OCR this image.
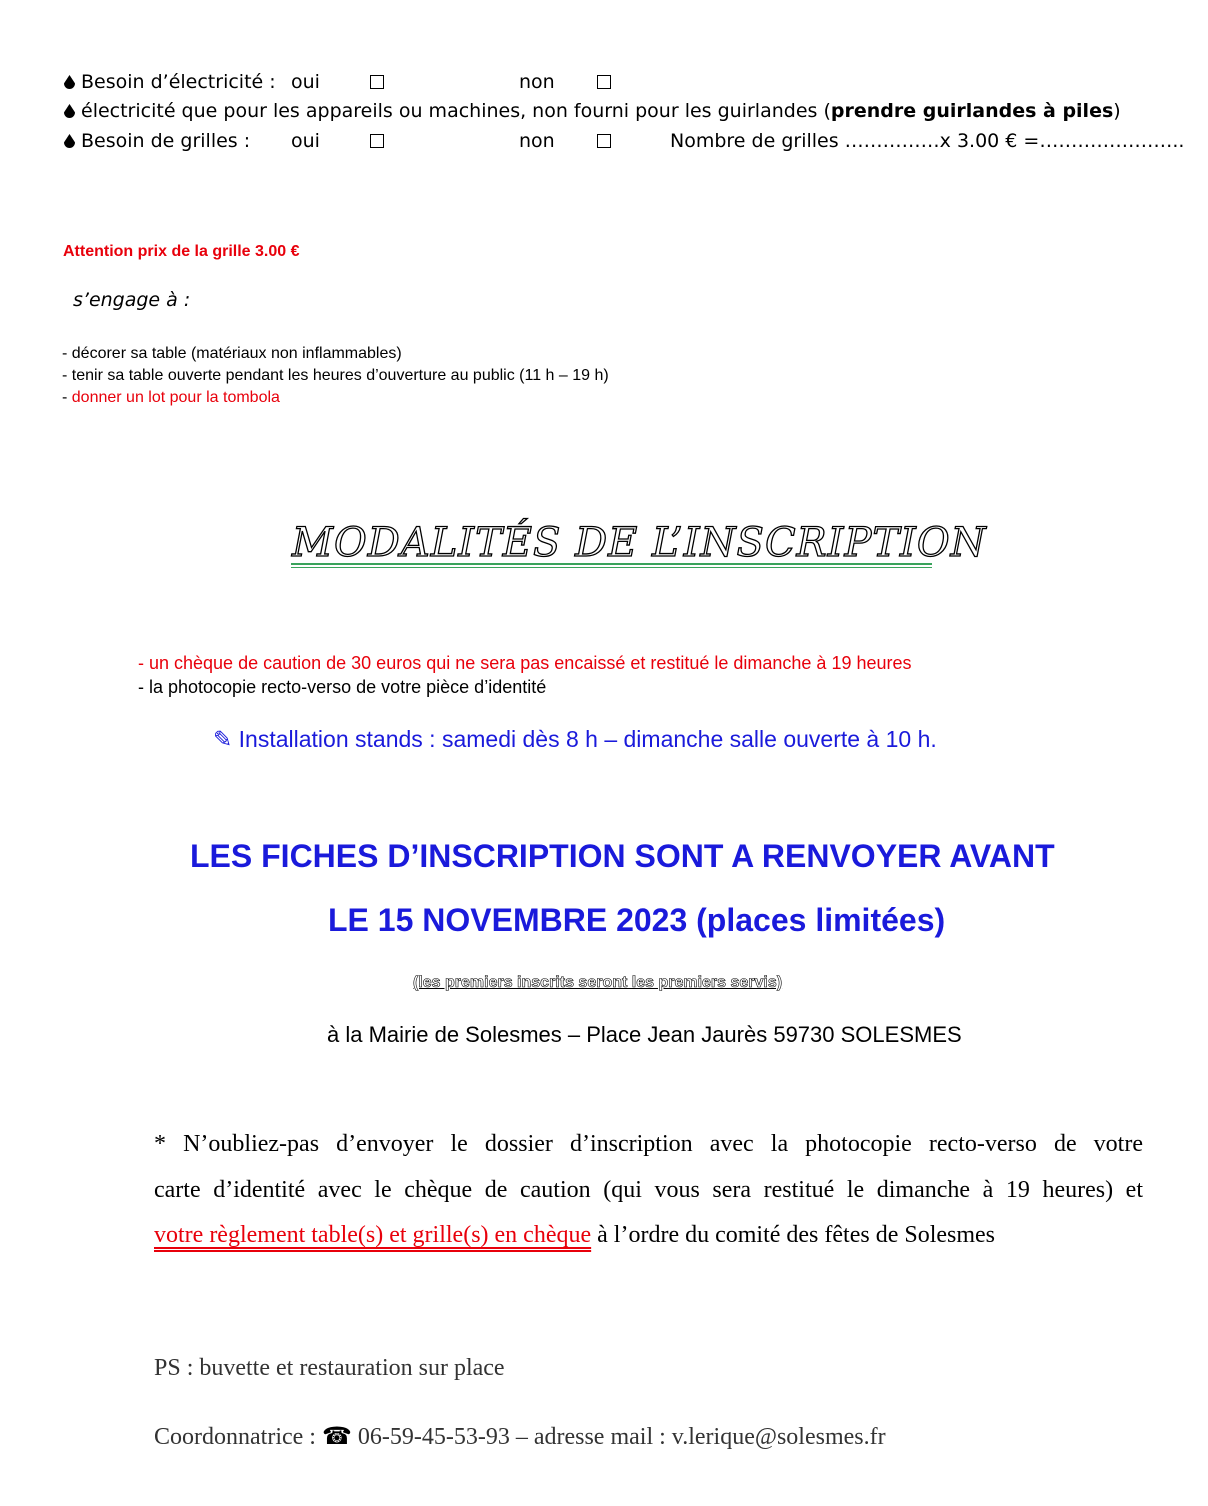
Besoin d’électricité : oui	non
électricité que pour les appareils ou machines, non fourni pour les guirlandes (prendre guirlandes à piles)
Besoin de grilles : oui	non	Nombre de grilles ……………x 3.00 € =…………………..
Attention prix de la grille 3.00 €
s’engage à :
- décorer sa table (matériaux non inflammables)
- tenir sa table ouverte pendant les heures d’ouverture au public (11 h – 19 h)
- donner un lot pour la tombola
MODALITÉS DE L’INSCRIPTION
- un chèque de caution de 30 euros qui ne sera pas encaissé et restitué le dimanche à 19 heures
- la photocopie recto-verso de votre pièce d’identité
✎ Installation stands : samedi dès 8 h – dimanche salle ouverte à 10 h.
LES FICHES D’INSCRIPTION SONT A RENVOYER AVANT
LE 15 NOVEMBRE 2023 (places limitées)
(les premiers inscrits seront les premiers servis)
à la Mairie de Solesmes – Place Jean Jaurès 59730 SOLESMES
* N’oubliez-pas d’envoyer le dossier d’inscription avec la photocopie recto-verso de votre
carte d’identité avec le chèque de caution (qui vous sera restitué le dimanche à 19 heures) et
votre règlement table(s) et grille(s) en chèque à l’ordre du comité des fêtes de Solesmes
PS : buvette et restauration sur place
Coordonnatrice : ☎ 06-59-45-53-93 – adresse mail : v.lerique@solesmes.fr
